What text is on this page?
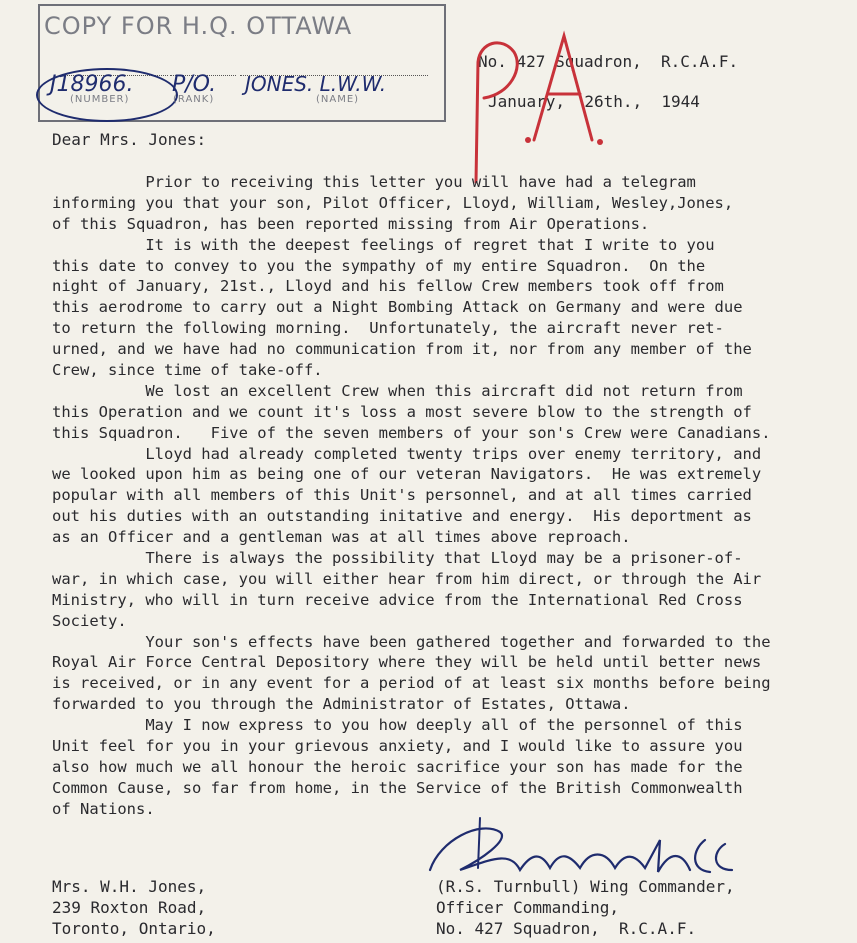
COPY FOR H.Q. OTTAWA
J18966. P/O. JONES. L.W.W.
(NUMBER)	(RANK)	(NAME)
No. 427 Squadron,  R.C.A.F.
January,  26th.,  1944
Dear Mrs. Jones:
Prior to receiving this letter you will have had a telegram
informing you that your son, Pilot Officer, Lloyd, William, Wesley,Jones,
of this Squadron, has been reported missing from Air Operations.
It is with the deepest feelings of regret that I write to you
this date to convey to you the sympathy of my entire Squadron.  On the
night of January, 21st., Lloyd and his fellow Crew members took off from
this aerodrome to carry out a Night Bombing Attack on Germany and were due
to return the following morning.  Unfortunately, the aircraft never ret-
urned, and we have had no communication from it, nor from any member of the
Crew, since time of take-off.
We lost an excellent Crew when this aircraft did not return from
this Operation and we count it's loss a most severe blow to the strength of
this Squadron.   Five of the seven members of your son's Crew were Canadians.
Lloyd had already completed twenty trips over enemy territory, and
we looked upon him as being one of our veteran Navigators.  He was extremely
popular with all members of this Unit's personnel, and at all times carried
out his duties with an outstanding initative and energy.  His deportment as
as an Officer and a gentleman was at all times above reproach.
There is always the possibility that Lloyd may be a prisoner-of-
war, in which case, you will either hear from him direct, or through the Air
Ministry, who will in turn receive advice from the International Red Cross
Society.
Your son's effects have been gathered together and forwarded to the
Royal Air Force Central Depository where they will be held until better news
is received, or in any event for a period of at least six months before being
forwarded to you through the Administrator of Estates, Ottawa.
May I now express to you how deeply all of the personnel of this
Unit feel for you in your grievous anxiety, and I would like to assure you
also how much we all honour the heroic sacrifice your son has made for the
Common Cause, so far from home, in the Service of the British Commonwealth
of Nations.
Mrs. W.H. Jones,
239 Roxton Road,
Toronto, Ontario,
(R.S. Turnbull) Wing Commander,
Officer Commanding,
No. 427 Squadron,  R.C.A.F.
